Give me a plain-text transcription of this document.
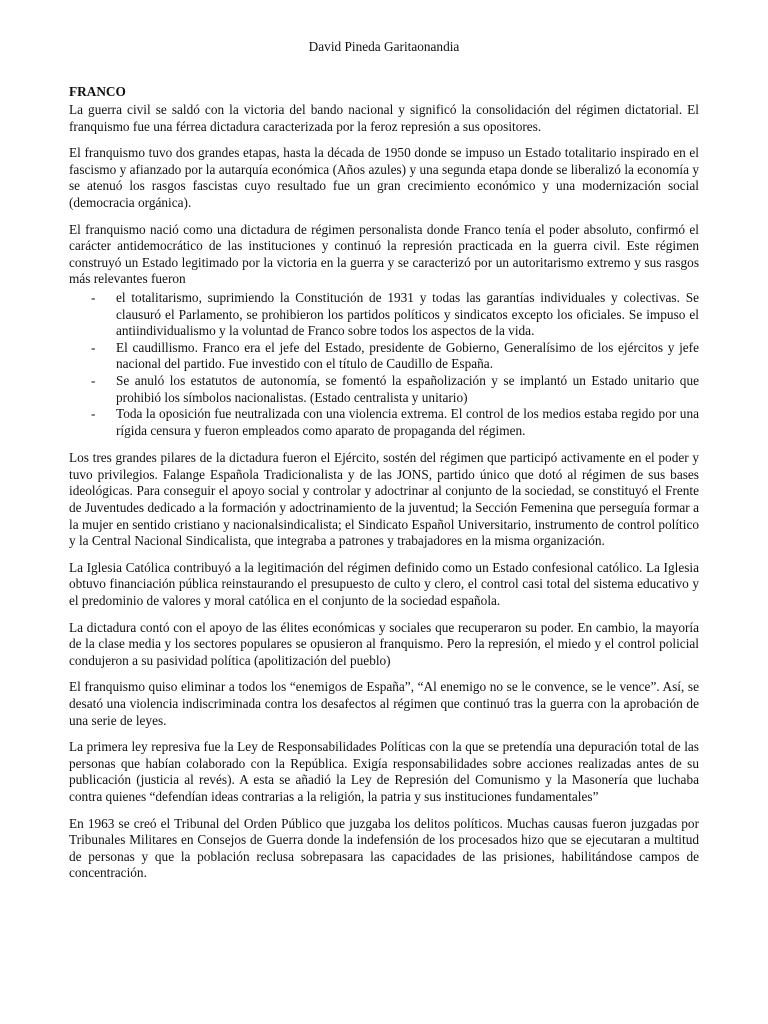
David Pineda Garitaonandia
FRANCO

La guerra civil se saldó con la victoria del bando nacional y significó la consolidación del régimen dictatorial. El franquismo fue una férrea dictadura caracterizada por la feroz represión a sus opositores.

El franquismo tuvo dos grandes etapas, hasta la década de 1950 donde se impuso un Estado totalitario inspirado en el fascismo y afianzado por la autarquía económica (Años azules) y una segunda etapa donde se liberalizó la economía y se atenuó los rasgos fascistas cuyo resultado fue un gran crecimiento económico y una modernización social (democracia orgánica).

El franquismo nació como una dictadura de régimen personalista donde Franco tenía el poder absoluto, confirmó el carácter antidemocrático de las instituciones y continuó la represión practicada en la guerra civil. Este régimen construyó un Estado legitimado por la victoria en la guerra y se caracterizó por un autoritarismo extremo y sus rasgos más relevantes fueron

- el totalitarismo, suprimiendo la Constitución de 1931 y todas las garantías individuales y colectivas. Se clausuró el Parlamento, se prohibieron los partidos políticos y sindicatos excepto los oficiales. Se impuso el antiindividualismo y la voluntad de Franco sobre todos los aspectos de la vida.
- El caudillismo. Franco era el jefe del Estado, presidente de Gobierno, Generalísimo de los ejércitos y jefe nacional del partido. Fue investido con el título de Caudillo de España.
- Se anuló los estatutos de autonomía, se fomentó la españolización y se implantó un Estado unitario que prohibió los símbolos nacionalistas. (Estado centralista y unitario)
- Toda la oposición fue neutralizada con una violencia extrema. El control de los medios estaba regido por una rígida censura y fueron empleados como aparato de propaganda del régimen.

Los tres grandes pilares de la dictadura fueron el Ejército, sostén del régimen que participó activamente en el poder y tuvo privilegios. Falange Española Tradicionalista y de las JONS, partido único que dotó al régimen de sus bases ideológicas. Para conseguir el apoyo social y controlar y adoctrinar al conjunto de la sociedad, se constituyó el Frente de Juventudes dedicado a la formación y adoctrinamiento de la juventud; la Sección Femenina que perseguía formar a la mujer en sentido cristiano y nacionalsindicalista; el Sindicato Español Universitario, instrumento de control político y la Central Nacional Sindicalista, que integraba a patrones y trabajadores en la misma organización.

La Iglesia Católica contribuyó a la legitimación del régimen definido como un Estado confesional católico. La Iglesia obtuvo financiación pública reinstaurando el presupuesto de culto y clero, el control casi total del sistema educativo y el predominio de valores y moral católica en el conjunto de la sociedad española.

La dictadura contó con el apoyo de las élites económicas y sociales que recuperaron su poder. En cambio, la mayoría de la clase media y los sectores populares se opusieron al franquismo. Pero la represión, el miedo y el control policial condujeron a su pasividad política (apolitización del pueblo)

El franquismo quiso eliminar a todos los “enemigos de España”, “Al enemigo no se le convence, se le vence”. Así, se desató una violencia indiscriminada contra los desafectos al régimen que continuó tras la guerra con la aprobación de una serie de leyes.

La primera ley represiva fue la Ley de Responsabilidades Políticas con la que se pretendía una depuración total de las personas que habían colaborado con la República. Exigía responsabilidades sobre acciones realizadas antes de su publicación (justicia al revés). A esta se añadió la Ley de Represión del Comunismo y la Masonería que luchaba contra quienes “defendían ideas contrarias a la religión, la patria y sus instituciones fundamentales”

En 1963 se creó el Tribunal del Orden Público que juzgaba los delitos políticos. Muchas causas fueron juzgadas por Tribunales Militares en Consejos de Guerra donde la indefensión de los procesados hizo que se ejecutaran a multitud de personas y que la población reclusa sobrepasara las capacidades de las prisiones, habilitándose campos de concentración.
